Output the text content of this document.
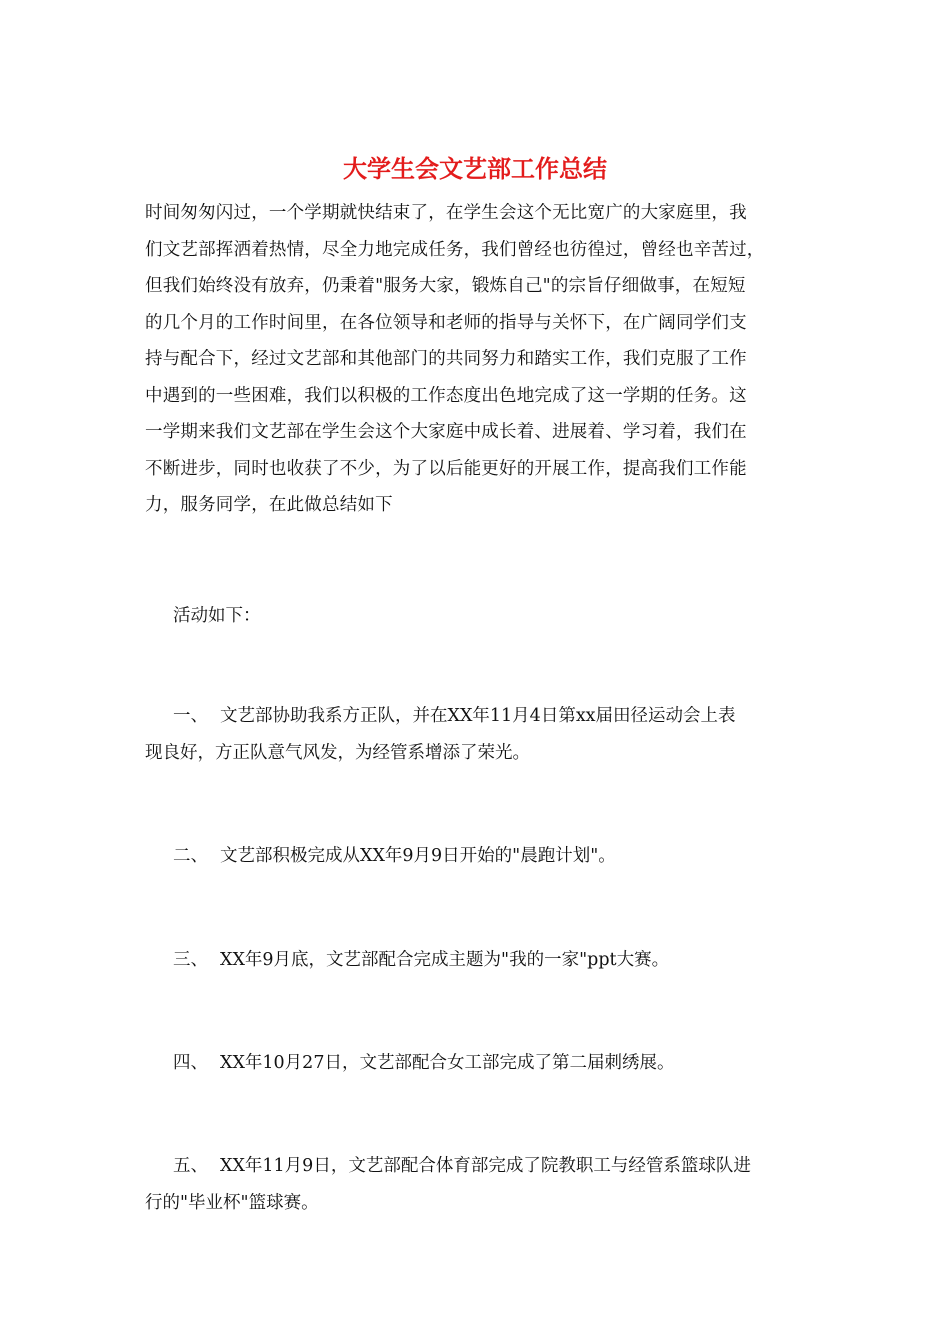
大学生会文艺部工作总结
时间匆匆闪过，一个学期就快结束了，在学生会这个无比宽广的大家庭里，我
们文艺部挥洒着热情，尽全力地完成任务，我们曾经也彷徨过，曾经也辛苦过，
但我们始终没有放弃，仍秉着"服务大家，锻炼自己"的宗旨仔细做事，在短短
的几个月的工作时间里，在各位领导和老师的指导与关怀下，在广阔同学们支
持与配合下，经过文艺部和其他部门的共同努力和踏实工作，我们克服了工作
中遇到的一些困难，我们以积极的工作态度出色地完成了这一学期的任务。这
一学期来我们文艺部在学生会这个大家庭中成长着、进展着、学习着，我们在
不断进步，同时也收获了不少，为了以后能更好的开展工作，提高我们工作能
力，服务同学，在此做总结如下

活动如下：

一、 文艺部协助我系方正队，并在XX年11月4日第xx届田径运动会上表
现良好，方正队意气风发，为经管系增添了荣光。
二、 文艺部积极完成从XX年9月9日开始的"晨跑计划"。
三、 XX年9月底，文艺部配合完成主题为"我的一家"ppt大赛。
四、 XX年10月27日，文艺部配合女工部完成了第二届刺绣展。
五、 XX年11月9日，文艺部配合体育部完成了院教职工与经管系篮球队进
行的"毕业杯"篮球赛。
